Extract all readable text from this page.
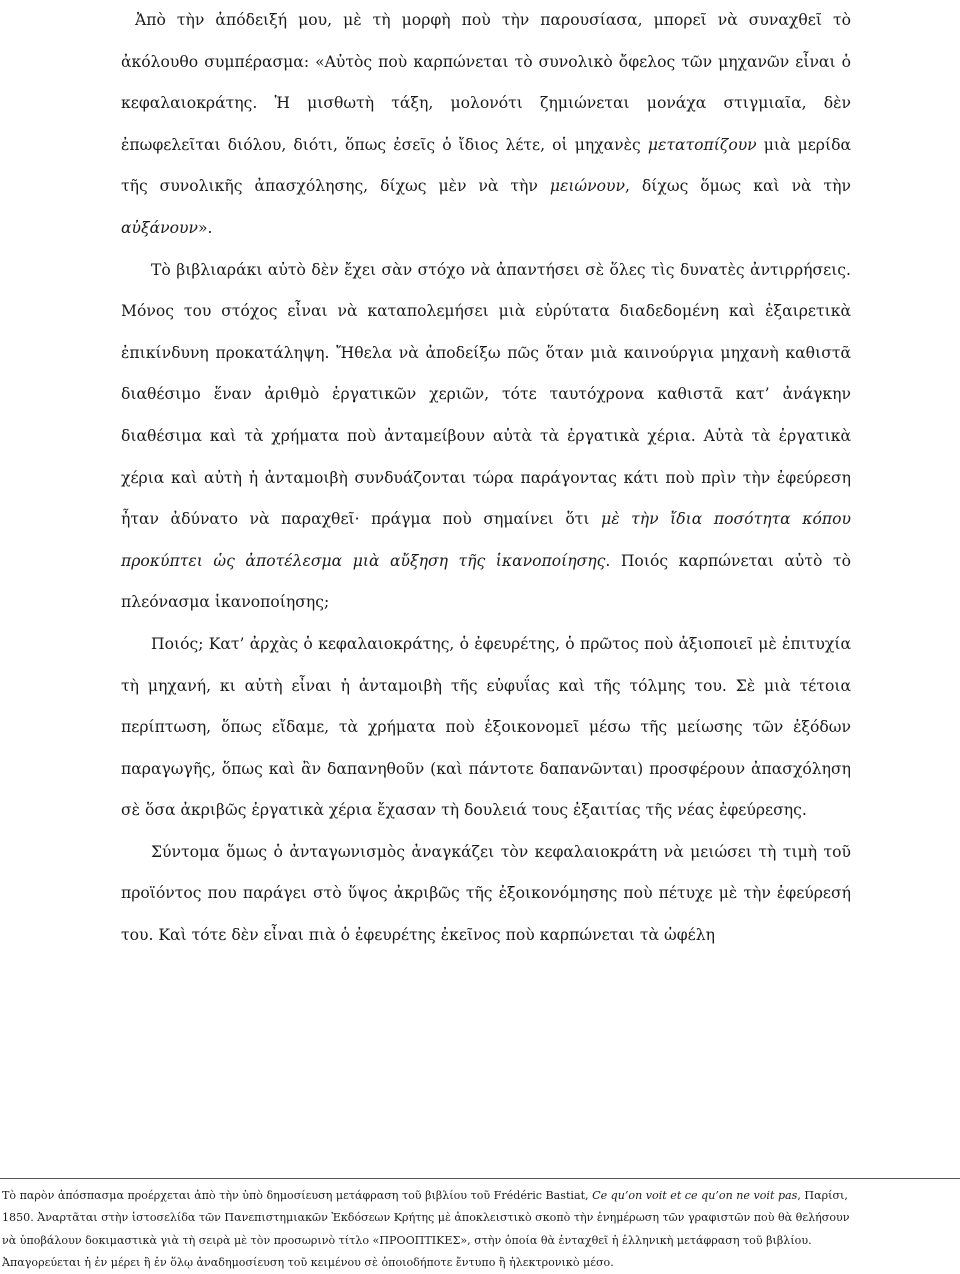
Ἀπὸ τὴν ἀπόδειξή μου, μὲ τὴ μορφὴ ποὺ τὴν παρουσίασα, μπορεῖ νὰ συναχθεῖ τὸ ἀκόλουθο συμπέρασμα: «Αὐτὸς ποὺ καρπώνεται τὸ συνολικὸ ὄφελος τῶν μηχανῶν εἶναι ὁ κεφαλαιοκράτης. Ἡ μισθωτὴ τάξη, μολονότι ζημιώνεται μονάχα στιγμιαῖα, δὲν ἐπωφελεῖται διόλου, διότι, ὅπως ἐσεῖς ὁ ἴδιος λέτε, οἱ μηχανὲς μετατοπίζουν μιὰ μερίδα τῆς συνολικῆς ἀπασχόλησης, δίχως μὲν νὰ τὴν μειώνουν, δίχως ὅμως καὶ νὰ τὴν αὐξάνουν».

Τὸ βιβλιαράκι αὐτὸ δὲν ἔχει σὰν στόχο νὰ ἀπαντήσει σὲ ὅλες τὶς δυνατὲς ἀντιρρήσεις. Μόνος του στόχος εἶναι νὰ καταπολεμήσει μιὰ εὐρύτατα διαδεδομένη καὶ ἐξαιρετικὰ ἐπικίνδυνη προκατάληψη. Ἤθελα νὰ ἀποδείξω πῶς ὅταν μιὰ καινούργια μηχανὴ καθιστᾶ διαθέσιμο ἕναν ἀριθμὸ ἐργατικῶν χεριῶν, τότε ταυτόχρονα καθιστᾶ κατ’ ἀνάγκην διαθέσιμα καὶ τὰ χρήματα ποὺ ἀνταμείβουν αὐτὰ τὰ ἐργατικὰ χέρια. Αὐτὰ τὰ ἐργατικὰ χέρια καὶ αὐτὴ ἡ ἀνταμοιβὴ συνδυάζονται τώρα παράγοντας κάτι ποὺ πρὶν τὴν ἐφεύρεση ἦταν ἀδύνατο νὰ παραχθεῖ· πράγμα ποὺ σημαίνει ὅτι μὲ τὴν ἴδια ποσότητα κόπου προκύπτει ὡς ἀποτέλεσμα μιὰ αὔξηση τῆς ἱκανοποίησης. Ποιός καρπώνεται αὐτὸ τὸ πλεόνασμα ἱκανοποίησης;

Ποιός; Κατ’ ἀρχὰς ὁ κεφαλαιοκράτης, ὁ ἐφευρέτης, ὁ πρῶτος ποὺ ἀξιοποιεῖ μὲ ἐπιτυχία τὴ μηχανή, κι αὐτὴ εἶναι ἡ ἀνταμοιβὴ τῆς εὐφυΐας καὶ τῆς τόλμης του. Σὲ μιὰ τέτοια περίπτωση, ὅπως εἴδαμε, τὰ χρήματα ποὺ ἐξοικονομεῖ μέσω τῆς μείωσης τῶν ἐξόδων παραγωγῆς, ὅπως καὶ ἂν δαπανηθοῦν (καὶ πάντοτε δαπανῶνται) προσφέρουν ἀπασχόληση σὲ ὅσα ἀκριβῶς ἐργατικὰ χέρια ἔχασαν τὴ δουλειά τους ἐξαιτίας τῆς νέας ἐφεύρεσης.

Σύντομα ὅμως ὁ ἀνταγωνισμὸς ἀναγκάζει τὸν κεφαλαιοκράτη νὰ μειώσει τὴ τιμὴ τοῦ προϊόντος που παράγει στὸ ὕψος ἀκριβῶς τῆς ἐξοικονόμησης ποὺ πέτυχε μὲ τὴν ἐφεύρεσή του. Καὶ τότε δὲν εἶναι πιὰ ὁ ἐφευρέτης ἐκεῖνος ποὺ καρπώνεται τὰ ὠφέλη

Τὸ παρὸν ἀπόσπασμα προέρχεται ἀπὸ τὴν ὑπὸ δημοσίευση μετάφραση τοῦ βιβλίου τοῦ Frédéric Bastiat, Ce qu’on voit et ce qu’on ne voit pas, Παρίσι,
1850. Ἀναρτᾶται στὴν ἱστοσελίδα τῶν Πανεπιστημιακῶν Ἐκδόσεων Κρήτης μὲ ἀποκλειστικὸ σκοπὸ τὴν ἐνημέρωση τῶν γραφιστῶν ποὺ θὰ θελήσουν
νὰ ὑποβάλουν δοκιμαστικὰ γιὰ τὴ σειρὰ μὲ τὸν προσωρινὸ τίτλο «ΠΡΟΟΠΤΙΚΕΣ», στὴν ὁποία θὰ ἐνταχθεῖ ἡ ἑλληνικὴ μετάφραση τοῦ βιβλίου.
Ἀπαγορεύεται ἡ ἐν μέρει ἢ ἐν ὅλῳ ἀναδημοσίευση τοῦ κειμένου σὲ ὁποιοδήποτε ἔντυπο ἢ ἠλεκτρονικὸ μέσο.
